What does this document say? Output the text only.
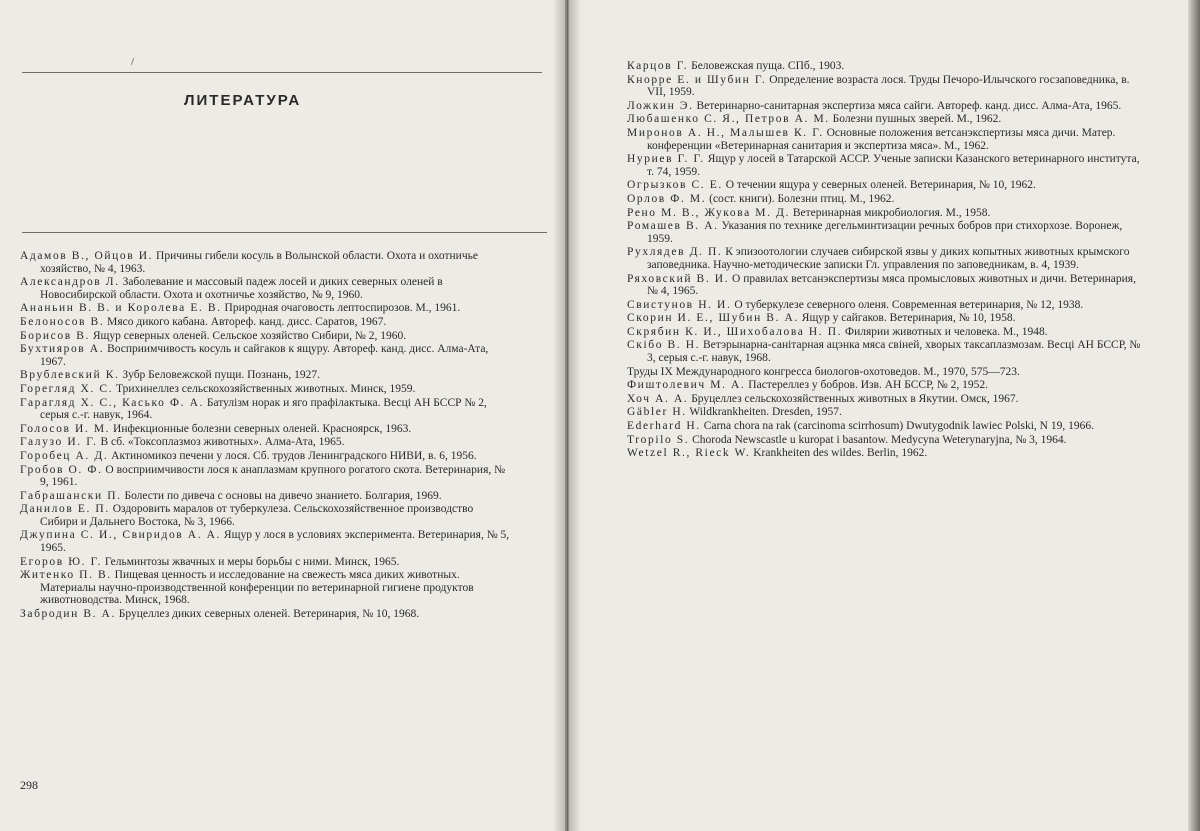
ЛИТЕРАТУРА
Адамов В., Ойцов И. Причины гибели косуль в Волынской области. Охота и охотничье хозяйство, № 4, 1963.
Александров Л. Заболевание и массовый падеж лосей и диких северных оленей в Новосибирской области. Охота и охотничье хозяйство, № 9, 1960.
Ананьин В. В. и Королева Е. В. Природная очаговость лептоспирозов. М., 1961.
Белоносов В. Мясо дикого кабана. Автореф. канд. дисс. Саратов, 1967.
Борисов В. Ящур северных оленей. Сельское хозяйство Сибири, № 2, 1960.
Бухтияров А. Восприимчивость косуль и сайгаков к ящуру. Автореф. канд. дисс. Алма-Ата, 1967.
Врублевский К. Зубр Беловежской пущи. Познань, 1927.
Горегляд Х. С. Трихинеллез сельскохозяйственных животных. Минск, 1959.
Гарагляд Х. С., Касько Ф. А. Батулізм норак и яго прафілактыка. Весці АН БССР № 2, серыя с.-г. навук, 1964.
Голосов И. М. Инфекционные болезни северных оленей. Красноярск, 1963.
Галузо И. Г. В сб. «Токсоплазмоз животных». Алма-Ата, 1965.
Горобец А. Д. Актиномикоз печени у лося. Сб. трудов Ленинградского НИВИ, в. 6, 1956.
Гробов О. Ф. О восприимчивости лося к анаплазмам крупного рогатого скота. Ветеринария, № 9, 1961.
Габрашански П. Болести по дивеча с основы на дивечо знанието. Болгария, 1969.
Данилов Е. П. Оздоровить маралов от туберкулеза. Сельскохозяйственное производство Сибири и Дальнего Востока, № 3, 1966.
Джупина С. И., Свиридов А. А. Ящур у лося в условиях эксперимента. Ветеринария, № 5, 1965.
Егоров Ю. Г. Гельминтозы жвачных и меры борьбы с ними. Минск, 1965.
Житенко П. В. Пищевая ценность и исследование на свежесть мяса диких животных. Материалы научно-производственной конференции по ветеринарной гигиене продуктов животноводства. Минск, 1968.
Забродин В. А. Бруцеллез диких северных оленей. Ветеринария, № 10, 1968.
298
Карцов Г. Беловежская пуща. СПб., 1903.
Кнорре Е. и Шубин Г. Определение возраста лося. Труды Печоро-Илычского госзаповедника, в. VII, 1959.
Ложкин Э. Ветеринарно-санитарная экспертиза мяса сайги. Автореф. канд. дисс. Алма-Ата, 1965.
Любашенко С. Я., Петров А. М. Болезни пушных зверей. М., 1962.
Миронов А. Н., Малышев К. Г. Основные положения ветсанэкспертизы мяса дичи. Матер. конференции «Ветеринарная санитария и экспертиза мяса». М., 1962.
Нуриев Г. Г. Ящур у лосей в Татарской АССР. Ученые записки Казанского ветеринарного института, т. 74, 1959.
Огрызков С. Е. О течении ящура у северных оленей. Ветеринария, № 10, 1962.
Орлов Ф. М. (сост. книги). Болезни птиц. М., 1962.
Рено М. В., Жукова М. Д. Ветеринарная микробиология. М., 1958.
Ромашев В. А. Указания по технике дегельминтизации речных бобров при стихорхозе. Воронеж, 1959.
Рухлядев Д. П. К эпизоотологии случаев сибирской язвы у диких копытных животных крымского заповедника. Научно-методические записки Гл. управления по заповедникам, в. 4, 1939.
Ряховский В. И. О правилах ветсанэкспертизы мяса промысловых животных и дичи. Ветеринария, № 4, 1965.
Свистунов Н. И. О туберкулезе северного оленя. Современная ветеринария, № 12, 1938.
Скорин И. Е., Шубин В. А. Ящур у сайгаков. Ветеринария, № 10, 1958.
Скрябин К. И., Шихобалова Н. П. Филярии животных и человека. М., 1948.
Скібо В. Н. Ветэрынарна-санітарная ацэнка мяса свіней, хворых таксаплазмозам. Весці АН БССР, № 3, серыя с.-г. навук, 1968.
Труды IX Международного конгресса биологов-охотоведов. М., 1970, 575—723.
Фиштолевич М. А. Пастереллез у бобров. Изв. АН БССР, № 2, 1952.
Хоч А. А. Бруцеллез сельскохозяйственных животных в Якутии. Омск, 1967.
Gäbler H. Wildkrankheiten. Dresden, 1957.
Ederhard H. Carna chora na rak (carcinoma scirrhosum) Dwutygodnik lawiec Polski, N 19, 1966.
Tropilo S. Choroda Newscastle u kuropat i basantow. Medycyna Weterynaryjna, № 3, 1964.
Wetzel R., Rieck W. Krankheiten des wildes. Berlin, 1962.
